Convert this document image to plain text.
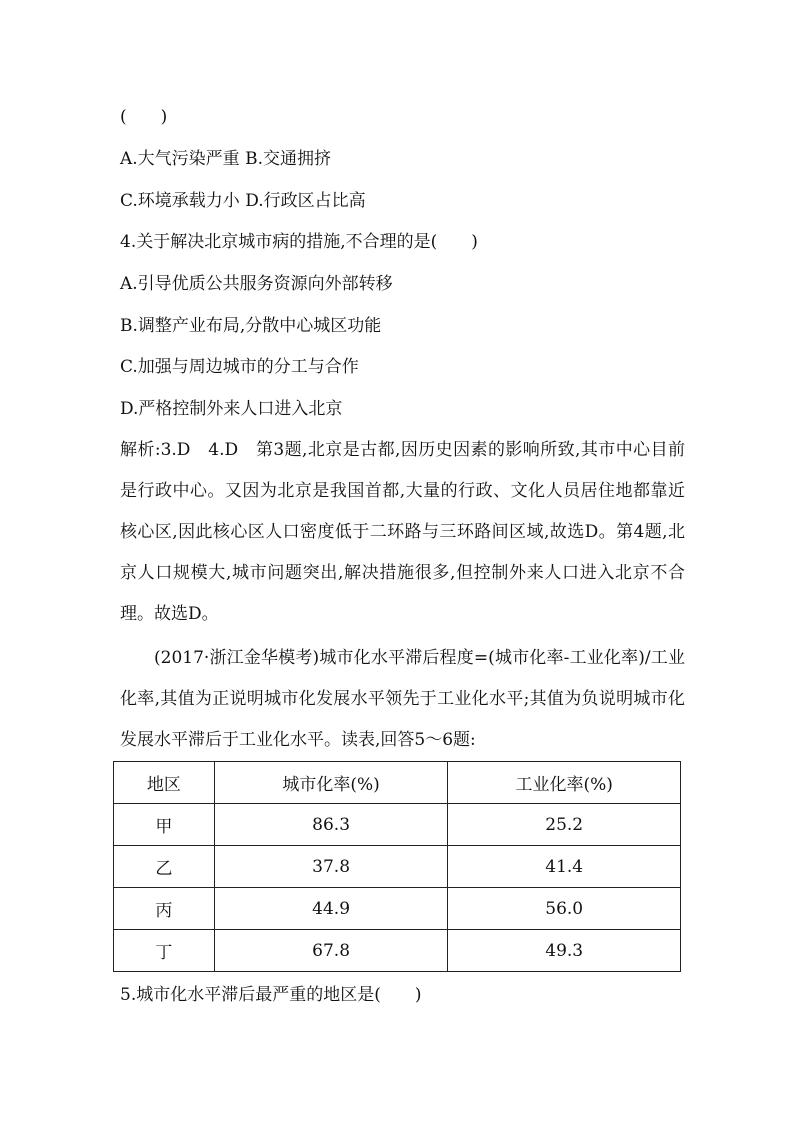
(　　)
A.大气污染严重 B.交通拥挤
C.环境承载力小 D.行政区占比高
4.关于解决北京城市病的措施,不合理的是(　　)
A.引导优质公共服务资源向外部转移
B.调整产业布局,分散中心城区功能
C.加强与周边城市的分工与合作
D.严格控制外来人口进入北京

解析:3.D　4.D　第3题,北京是古都,因历史因素的影响所致,其市中心目前是行政中心。又因为北京是我国首都,大量的行政、文化人员居住地都靠近核心区,因此核心区人口密度低于二环路与三环路间区域,故选D。第4题,北京人口规模大,城市问题突出,解决措施很多,但控制外来人口进入北京不合理。故选D。

(2017·浙江金华模考)城市化水平滞后程度=(城市化率-工业化率)/工业化率,其值为正说明城市化发展水平领先于工业化水平;其值为负说明城市化发展水平滞后于工业化水平。读表,回答5～6题:

地区	城市化率(%)	工业化率(%)
甲	86.3	25.2
乙	37.8	41.4
丙	44.9	56.0
丁	67.8	49.3
5.城市化水平滞后最严重的地区是(　　)
